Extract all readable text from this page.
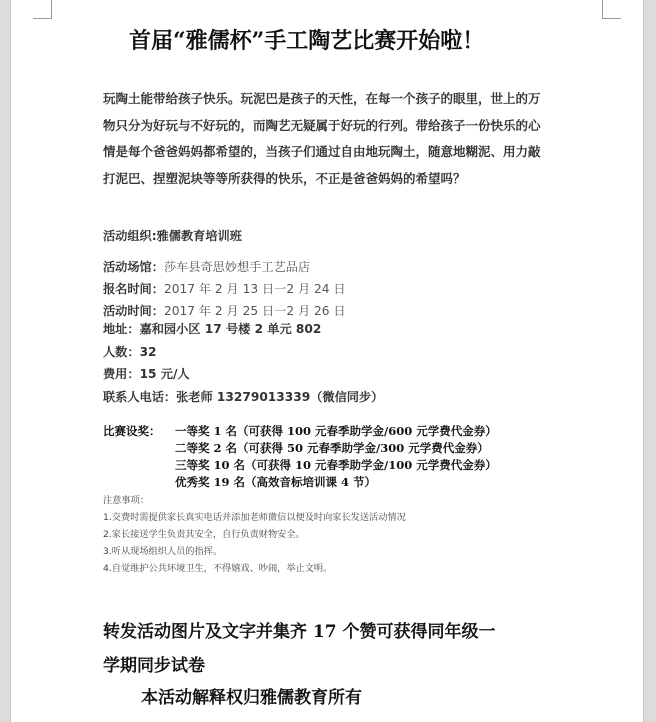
首届“雅儒杯”手工陶艺比赛开始啦！
玩陶土能带给孩子快乐。玩泥巴是孩子的天性，在每一个孩子的眼里，世上的万
物只分为好玩与不好玩的，而陶艺无疑属于好玩的行列。带给孩子一份快乐的心
情是每个爸爸妈妈都希望的，当孩子们通过自由地玩陶土，随意地糊泥、用力敲
打泥巴、捏塑泥块等等所获得的快乐，不正是爸爸妈妈的希望吗？
活动组织:雅儒教育培训班
活动场馆：莎车县奇思妙想手工艺品店
报名时间：2017 年 2 月 13 日一2 月 24 日
活动时间：2017 年 2 月 25 日一2 月 26 日
地址：嘉和园小区 17 号楼 2 单元 802
人数：32
费用：15 元/人
联系人电话：张老师 13279013339（微信同步）
比赛设奖： 一等奖 1 名（可获得 100 元春季助学金/600 元学费代金券）
二等奖 2 名（可获得 50 元春季助学金/300 元学费代金券）
三等奖 10 名（可获得 10 元春季助学金/100 元学费代金券）
优秀奖 19 名（高效音标培训课 4 节）
注意事项：
1.交费时需提供家长真实电话并添加老师微信以便及时向家长发送活动情况
2.家长接送学生负责其安全，自行负责财物安全。
3.听从现场组织人员的指挥。
4.自觉维护公共环境卫生，不得嬉戏、吵闹，举止文明。
转发活动图片及文字并集齐 17 个赞可获得同年级一
学期同步试卷
本活动解释权归雅儒教育所有
